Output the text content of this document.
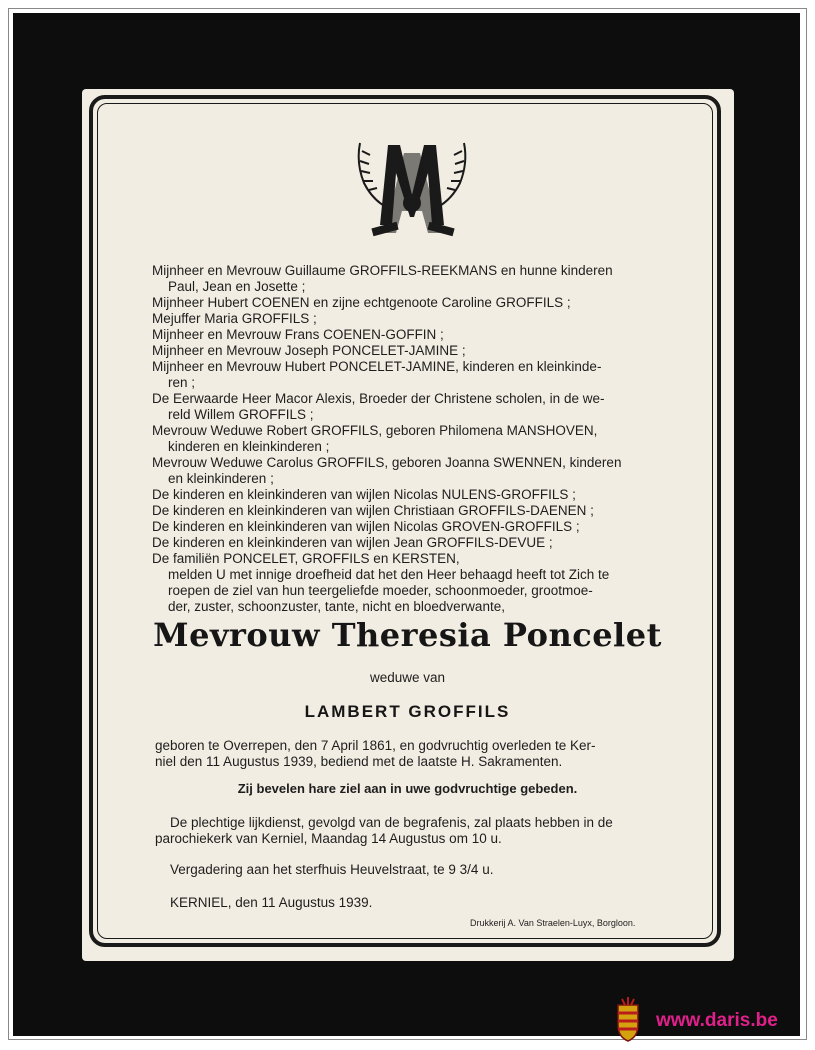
Mijnheer en Mevrouw Guillaume GROFFILS-REEKMANS en hunne kinderen
Paul, Jean en Josette ;
Mijnheer Hubert COENEN en zijne echtgenoote Caroline GROFFILS ;
Mejuffer Maria GROFFILS ;
Mijnheer en Mevrouw Frans COENEN-GOFFIN ;
Mijnheer en Mevrouw Joseph PONCELET-JAMINE ;
Mijnheer en Mevrouw Hubert PONCELET-JAMINE, kinderen en kleinkinde-
ren ;
De Eerwaarde Heer Macor Alexis, Broeder der Christene scholen, in de we-
reld Willem GROFFILS ;
Mevrouw Weduwe Robert GROFFILS, geboren Philomena MANSHOVEN,
kinderen en kleinkinderen ;
Mevrouw Weduwe Carolus GROFFILS, geboren Joanna SWENNEN, kinderen
en kleinkinderen ;
De kinderen en kleinkinderen van wijlen Nicolas NULENS-GROFFILS ;
De kinderen en kleinkinderen van wijlen Christiaan GROFFILS-DAENEN ;
De kinderen en kleinkinderen van wijlen Nicolas GROVEN-GROFFILS ;
De kinderen en kleinkinderen van wijlen Jean GROFFILS-DEVUE ;
De familiën PONCELET, GROFFILS en KERSTEN,
melden U met innige droefheid dat het den Heer behaagd heeft tot Zich te
roepen de ziel van hun teergeliefde moeder, schoonmoeder, grootmoe-
der, zuster, schoonzuster, tante, nicht en bloedverwante,
Mevrouw Theresia Poncelet
weduwe van
LAMBERT GROFFILS
geboren te Overrepen, den 7 April 1861, en godvruchtig overleden te Ker-
niel den 11 Augustus 1939, bediend met de laatste H. Sakramenten.
Zij bevelen hare ziel aan in uwe godvruchtige gebeden.
De plechtige lijkdienst, gevolgd van de begrafenis, zal plaats hebben in de
parochiekerk van Kerniel, Maandag 14 Augustus om 10 u.
Vergadering aan het sterfhuis Heuvelstraat, te 9 3/4 u.
KERNIEL, den 11 Augustus 1939.
Drukkerij A. Van Straelen-Luyx, Borgloon.
www.daris.be
